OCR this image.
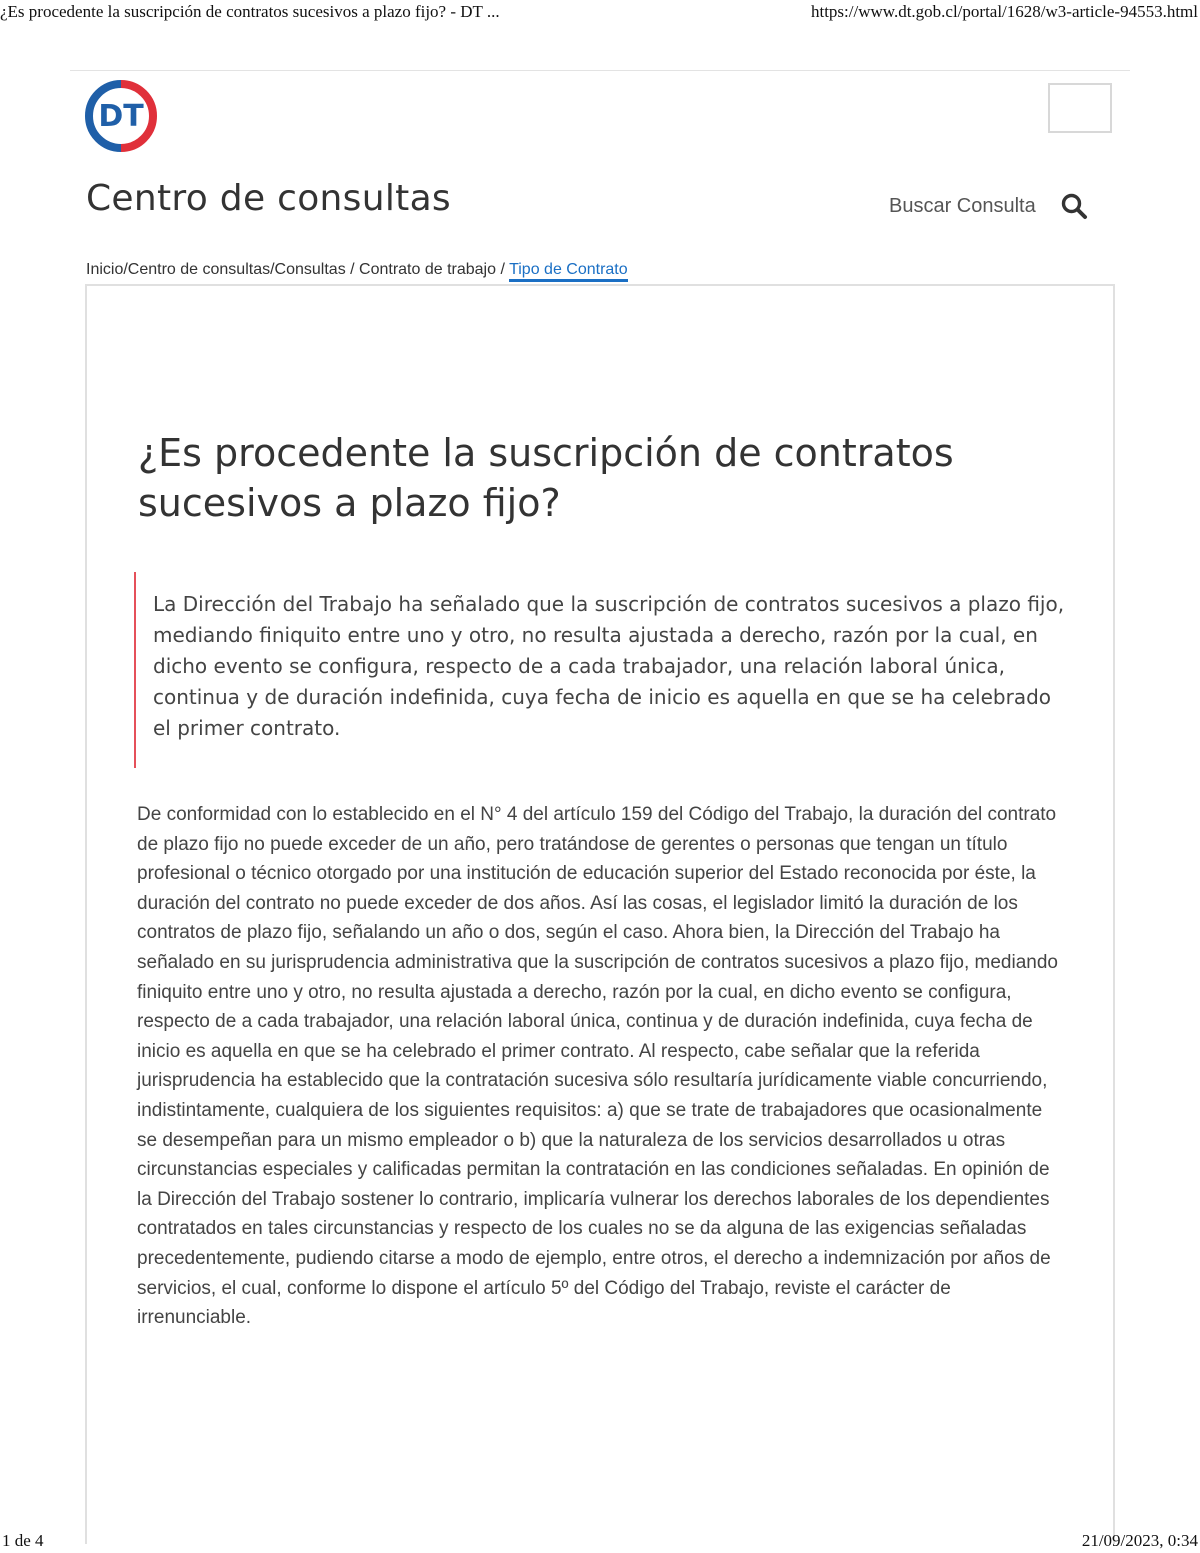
¿Es procedente la suscripción de contratos sucesivos a plazo fijo? - DT ...	https://www.dt.gob.cl/portal/1628/w3-article-94553.html
DT
Centro de consultas	Buscar Consulta
Inicio/Centro de consultas/Consultas / Contrato de trabajo / Tipo de Contrato
¿Es procedente la suscripción de contratos sucesivos a plazo fijo?

La Dirección del Trabajo ha señalado que la suscripción de contratos sucesivos a plazo fijo, mediando finiquito entre uno y otro, no resulta ajustada a derecho, razón por la cual, en dicho evento se configura, respecto de a cada trabajador, una relación laboral única, continua y de duración indefinida, cuya fecha de inicio es aquella en que se ha celebrado el primer contrato.

De conformidad con lo establecido en el N° 4 del artículo 159 del Código del Trabajo, la duración del contrato de plazo fijo no puede exceder de un año, pero tratándose de gerentes o personas que tengan un título profesional o técnico otorgado por una institución de educación superior del Estado reconocida por éste, la duración del contrato no puede exceder de dos años. Así las cosas, el legislador limitó la duración de los contratos de plazo fijo, señalando un año o dos, según el caso. Ahora bien, la Dirección del Trabajo ha señalado en su jurisprudencia administrativa que la suscripción de contratos sucesivos a plazo fijo, mediando finiquito entre uno y otro, no resulta ajustada a derecho, razón por la cual, en dicho evento se configura, respecto de a cada trabajador, una relación laboral única, continua y de duración indefinida, cuya fecha de inicio es aquella en que se ha celebrado el primer contrato. Al respecto, cabe señalar que la referida jurisprudencia ha establecido que la contratación sucesiva sólo resultaría jurídicamente viable concurriendo, indistintamente, cualquiera de los siguientes requisitos: a) que se trate de trabajadores que ocasionalmente se desempeñan para un mismo empleador o b) que la naturaleza de los servicios desarrollados u otras circunstancias especiales y calificadas permitan la contratación en las condiciones señaladas. En opinión de la Dirección del Trabajo sostener lo contrario, implicaría vulnerar los derechos laborales de los dependientes contratados en tales circunstancias y respecto de los cuales no se da alguna de las exigencias señaladas precedentemente, pudiendo citarse a modo de ejemplo, entre otros, el derecho a indemnización por años de servicios, el cual, conforme lo dispone el artículo 5º del Código del Trabajo, reviste el carácter de irrenunciable.

1 de 4	21/09/2023, 0:34
